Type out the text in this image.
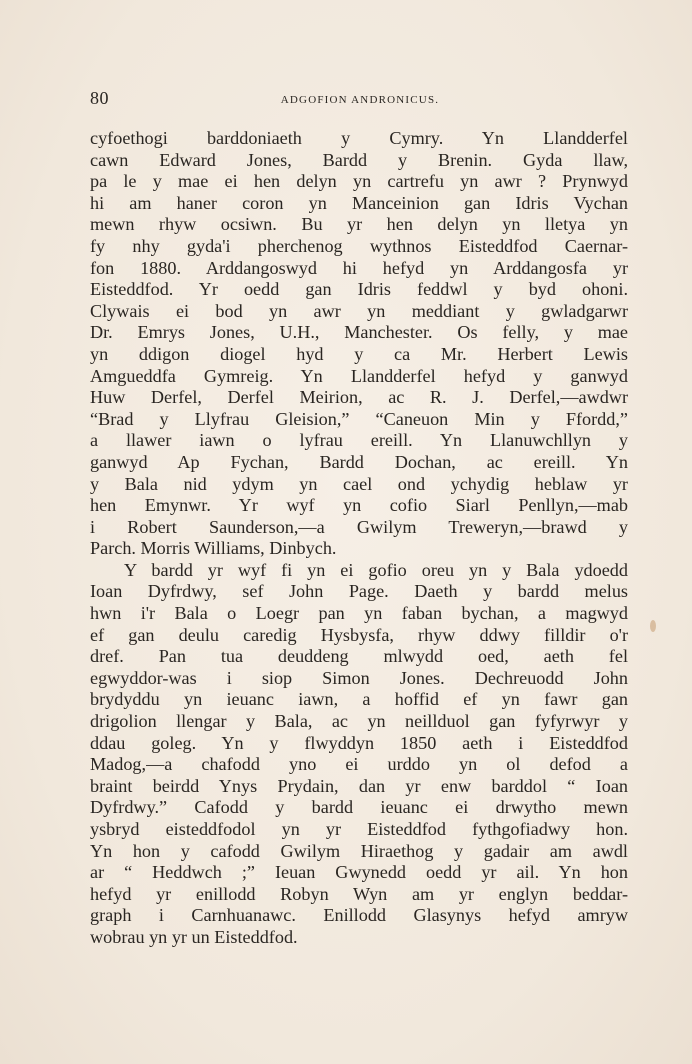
80	ADGOFION ANDRONICUS.
cyfoethogi barddoniaeth y Cymry. Yn Llandderfel
cawn Edward Jones, Bardd y Brenin. Gyda llaw,
pa le y mae ei hen delyn yn cartrefu yn awr ? Prynwyd
hi am haner coron yn Manceinion gan Idris Vychan
mewn rhyw ocsiwn. Bu yr hen delyn yn lletya yn
fy nhy gyda'i pherchenog wythnos Eisteddfod Caernar-
fon 1880. Arddangoswyd hi hefyd yn Arddangosfa yr
Eisteddfod. Yr oedd gan Idris feddwl y byd ohoni.
Clywais ei bod yn awr yn meddiant y gwladgarwr
Dr. Emrys Jones, U.H., Manchester. Os felly, y mae
yn ddigon diogel hyd y ca Mr. Herbert Lewis
Amgueddfa Gymreig. Yn Llandderfel hefyd y ganwyd
Huw Derfel, Derfel Meirion, ac R. J. Derfel,—awdwr
“Brad y Llyfrau Gleision,” “Caneuon Min y Ffordd,”
a llawer iawn o lyfrau ereill. Yn Llanuwchllyn y
ganwyd Ap Fychan, Bardd Dochan, ac ereill. Yn
y Bala nid ydym yn cael ond ychydig heblaw yr
hen Emynwr. Yr wyf yn cofio Siarl Penllyn,—mab
i Robert Saunderson,—a Gwilym Treweryn,—brawd y
Parch. Morris Williams, Dinbych.
Y bardd yr wyf fi yn ei gofio oreu yn y Bala ydoedd
Ioan Dyfrdwy, sef John Page. Daeth y bardd melus
hwn i'r Bala o Loegr pan yn faban bychan, a magwyd
ef gan deulu caredig Hysbysfa, rhyw ddwy filldir o'r
dref. Pan tua deuddeng mlwydd oed, aeth fel
egwyddor-was i siop Simon Jones. Dechreuodd John
brydyddu yn ieuanc iawn, a hoffid ef yn fawr gan
drigolion llengar y Bala, ac yn neillduol gan fyfyrwyr y
ddau goleg. Yn y flwyddyn 1850 aeth i Eisteddfod
Madog,—a chafodd yno ei urddo yn ol defod a
braint beirdd Ynys Prydain, dan yr enw barddol “ Ioan
Dyfrdwy.” Cafodd y bardd ieuanc ei drwytho mewn
ysbryd eisteddfodol yn yr Eisteddfod fythgofiadwy hon.
Yn hon y cafodd Gwilym Hiraethog y gadair am awdl
ar “ Heddwch ;” Ieuan Gwynedd oedd yr ail. Yn hon
hefyd yr enillodd Robyn Wyn am yr englyn beddar-
graph i Carnhuanawc. Enillodd Glasynys hefyd amryw
wobrau yn yr un Eisteddfod.
